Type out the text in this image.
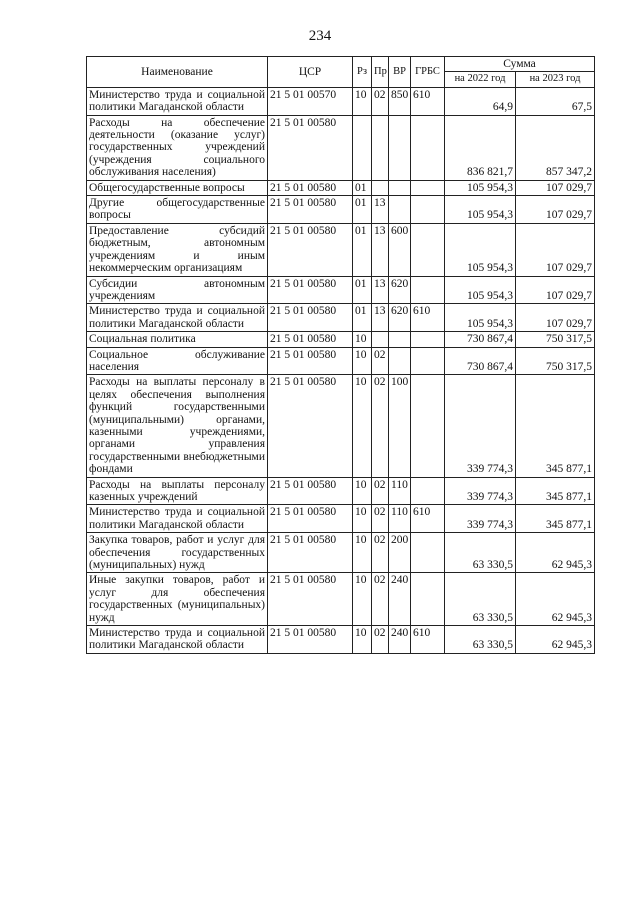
234
Наименование	ЦСР	Рз	Пр	ВР	ГРБС	Сумма	
						на 2022 год	на 2023 год
Министерство труда и социальной политики Магаданской области	21 5 01 00570	10	02	850	610	64,9	67,5
Расходы на обеспечение деятельности (оказание услуг) государственных учреждений (учреждения социального обслуживания населения)	21 5 01 00580					836 821,7	857 347,2
Общегосударственные вопросы	21 5 01 00580	01				105 954,3	107 029,7
Другие общегосударственные вопросы	21 5 01 00580	01	13			105 954,3	107 029,7
Предоставление субсидий бюджетным, автономным учреждениям и иным некоммерческим организациям	21 5 01 00580	01	13	600		105 954,3	107 029,7
Субсидии автономным учреждениям	21 5 01 00580	01	13	620		105 954,3	107 029,7
Министерство труда и социальной политики Магаданской области	21 5 01 00580	01	13	620	610	105 954,3	107 029,7
Социальная политика	21 5 01 00580	10				730 867,4	750 317,5
Социальное обслуживание населения	21 5 01 00580	10	02			730 867,4	750 317,5
Расходы на выплаты персоналу в целях обеспечения выполнения функций государственными (муниципальными) органами, казенными учреждениями, органами управления государственными внебюджетными фондами	21 5 01 00580	10	02	100		339 774,3	345 877,1
Расходы на выплаты персоналу казенных учреждений	21 5 01 00580	10	02	110		339 774,3	345 877,1
Министерство труда и социальной политики Магаданской области	21 5 01 00580	10	02	110	610	339 774,3	345 877,1
Закупка товаров, работ и услуг для обеспечения государственных (муниципальных) нужд	21 5 01 00580	10	02	200		63 330,5	62 945,3
Иные закупки товаров, работ и услуг для обеспечения государственных (муниципальных) нужд	21 5 01 00580	10	02	240		63 330,5	62 945,3
Министерство труда и социальной политики Магаданской области	21 5 01 00580	10	02	240	610	63 330,5	62 945,3
